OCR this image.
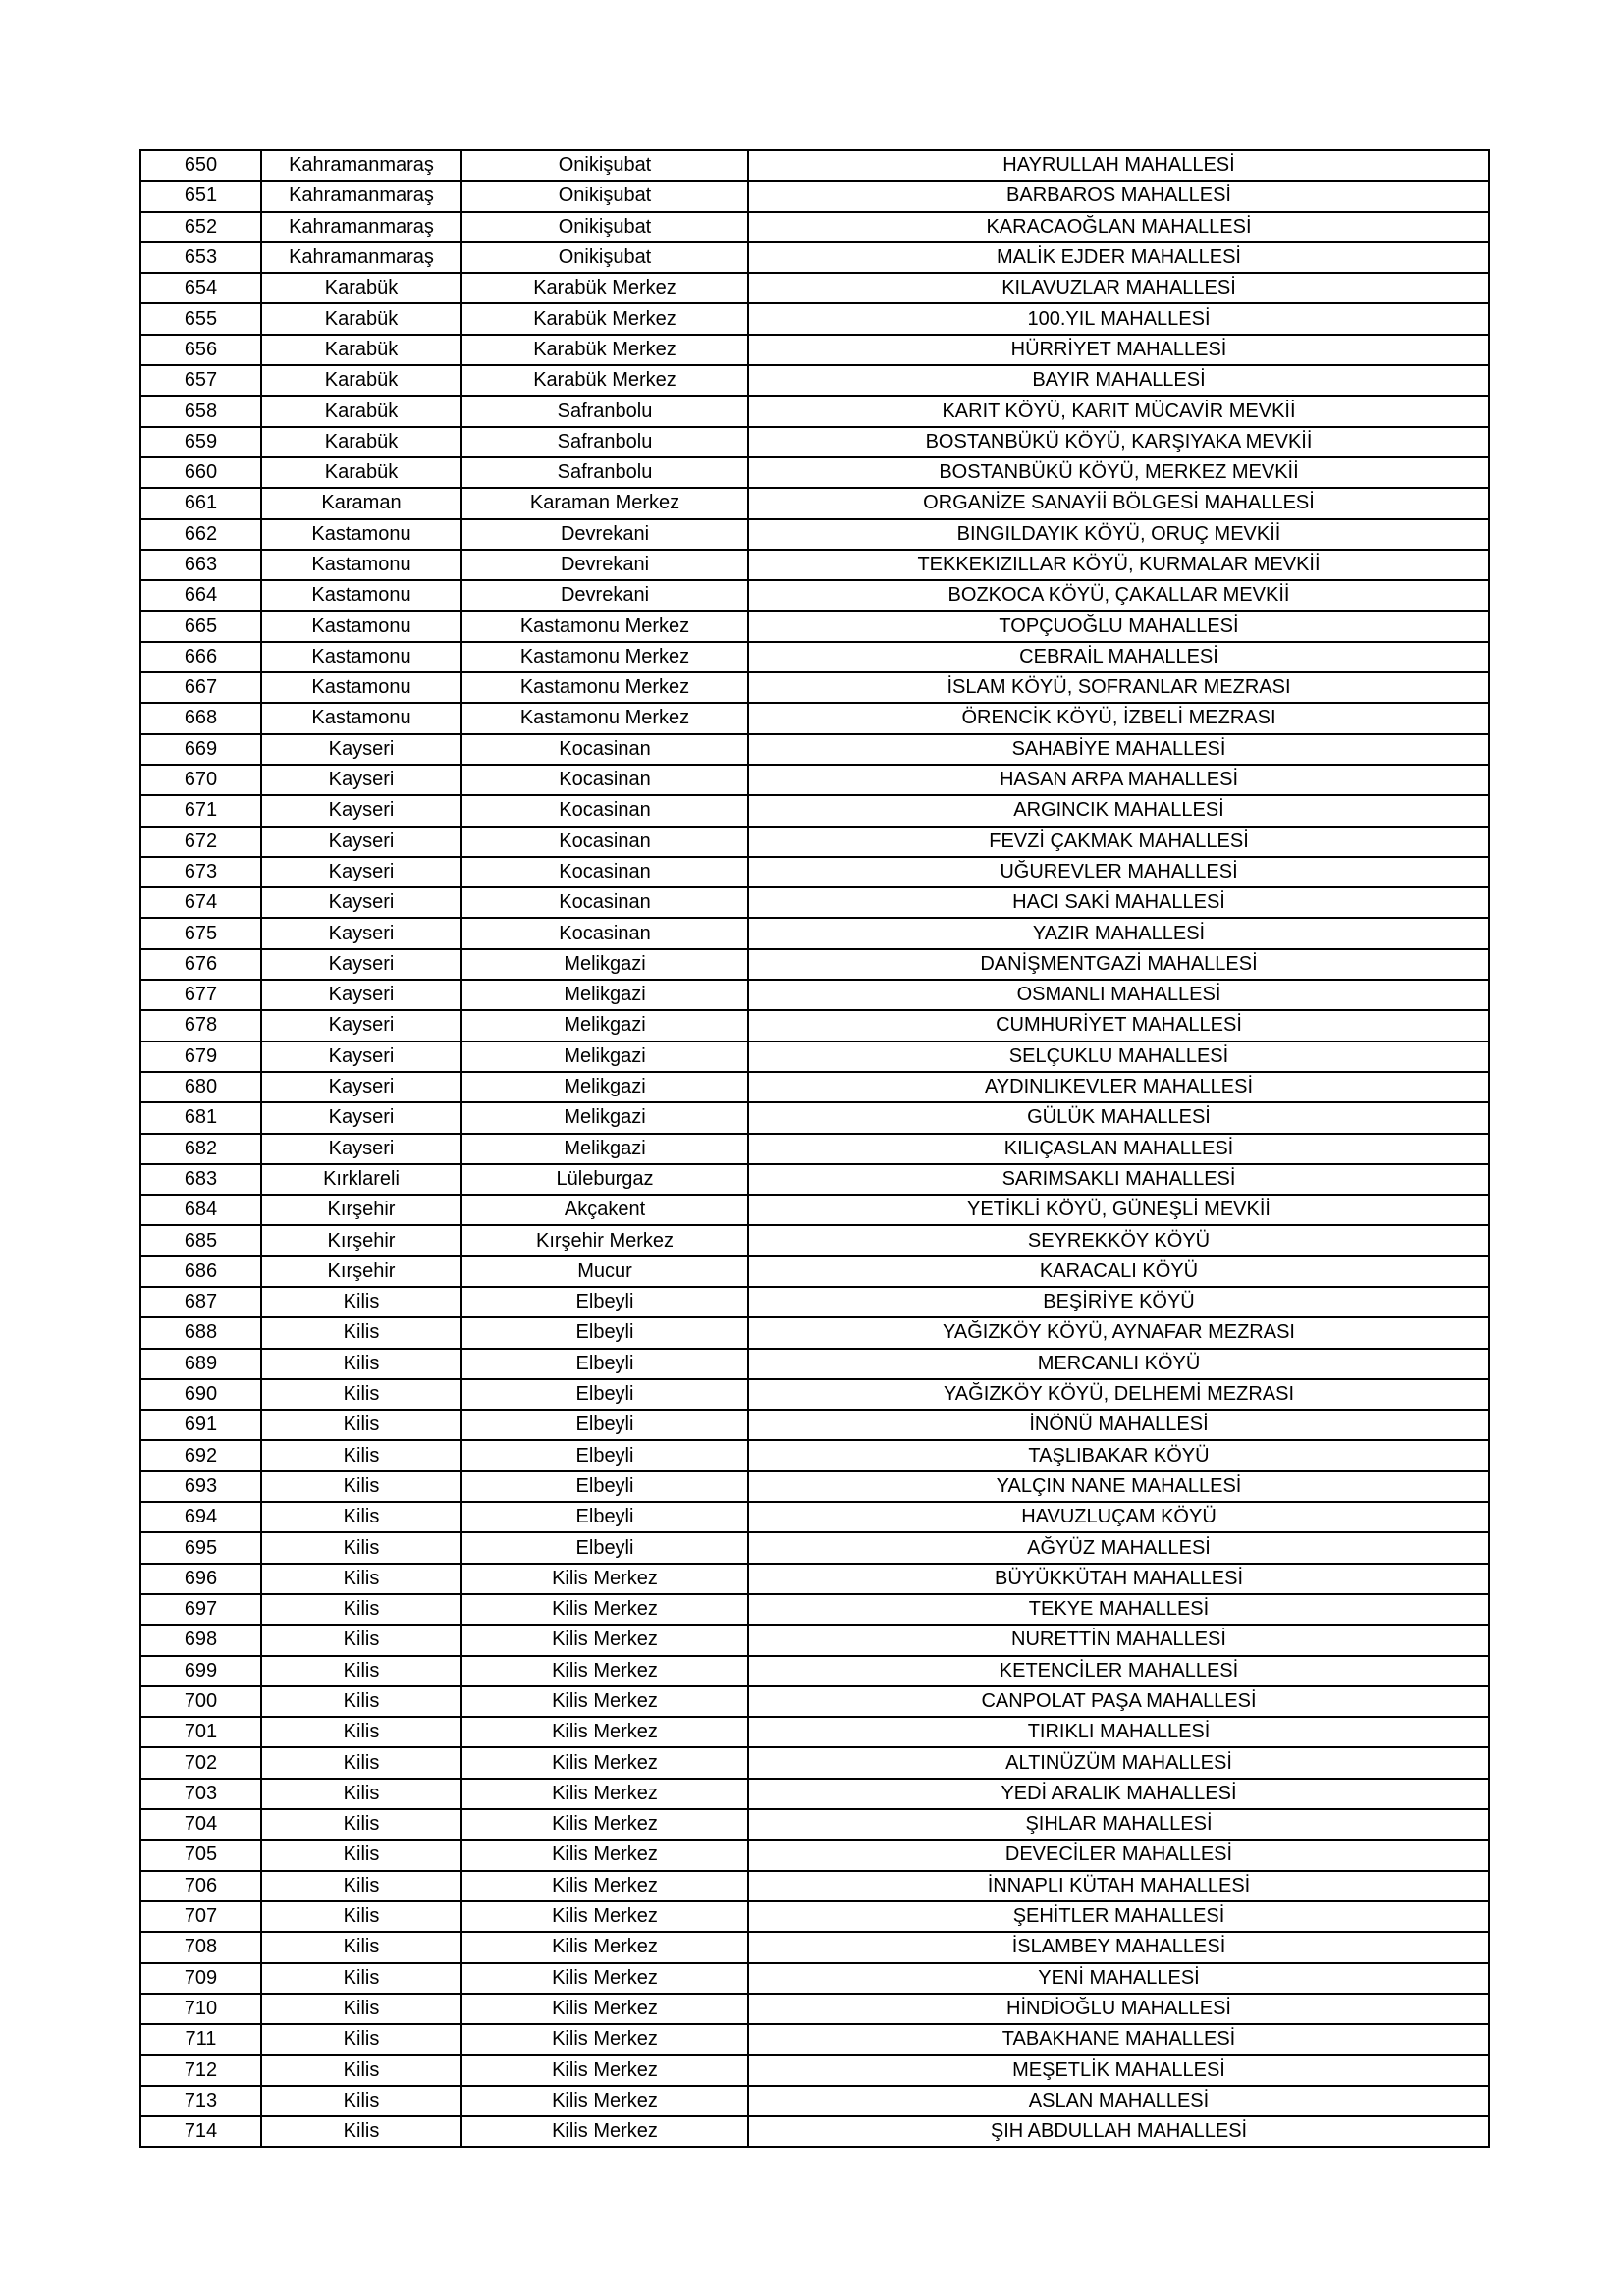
650	Kahramanmaraş	Onikişubat	HAYRULLAH MAHALLESİ
651	Kahramanmaraş	Onikişubat	BARBAROS MAHALLESİ
652	Kahramanmaraş	Onikişubat	KARACAOĞLAN MAHALLESİ
653	Kahramanmaraş	Onikişubat	MALİK EJDER MAHALLESİ
654	Karabük	Karabük Merkez	KILAVUZLAR MAHALLESİ
655	Karabük	Karabük Merkez	100.YIL MAHALLESİ
656	Karabük	Karabük Merkez	HÜRRİYET MAHALLESİ
657	Karabük	Karabük Merkez	BAYIR MAHALLESİ
658	Karabük	Safranbolu	KARIT KÖYÜ, KARIT MÜCAVİR MEVKİİ
659	Karabük	Safranbolu	BOSTANBÜKÜ KÖYÜ, KARŞIYAKA MEVKİİ
660	Karabük	Safranbolu	BOSTANBÜKÜ KÖYÜ, MERKEZ MEVKİİ
661	Karaman	Karaman Merkez	ORGANİZE SANAYİİ BÖLGESİ MAHALLESİ
662	Kastamonu	Devrekani	BINGILDAYIK KÖYÜ, ORUÇ MEVKİİ
663	Kastamonu	Devrekani	TEKKEKIZILLAR KÖYÜ, KURMALAR MEVKİİ
664	Kastamonu	Devrekani	BOZKOCA KÖYÜ, ÇAKALLAR MEVKİİ
665	Kastamonu	Kastamonu Merkez	TOPÇUOĞLU MAHALLESİ
666	Kastamonu	Kastamonu Merkez	CEBRAİL MAHALLESİ
667	Kastamonu	Kastamonu Merkez	İSLAM KÖYÜ, SOFRANLAR MEZRASI
668	Kastamonu	Kastamonu Merkez	ÖRENCİK KÖYÜ, İZBELİ MEZRASI
669	Kayseri	Kocasinan	SAHABİYE MAHALLESİ
670	Kayseri	Kocasinan	HASAN ARPA MAHALLESİ
671	Kayseri	Kocasinan	ARGINCIK MAHALLESİ
672	Kayseri	Kocasinan	FEVZİ ÇAKMAK MAHALLESİ
673	Kayseri	Kocasinan	UĞUREVLER MAHALLESİ
674	Kayseri	Kocasinan	HACI SAKİ MAHALLESİ
675	Kayseri	Kocasinan	YAZIR MAHALLESİ
676	Kayseri	Melikgazi	DANİŞMENTGAZİ MAHALLESİ
677	Kayseri	Melikgazi	OSMANLI MAHALLESİ
678	Kayseri	Melikgazi	CUMHURİYET MAHALLESİ
679	Kayseri	Melikgazi	SELÇUKLU MAHALLESİ
680	Kayseri	Melikgazi	AYDINLIKEVLER MAHALLESİ
681	Kayseri	Melikgazi	GÜLÜK MAHALLESİ
682	Kayseri	Melikgazi	KILIÇASLAN MAHALLESİ
683	Kırklareli	Lüleburgaz	SARIMSAKLI MAHALLESİ
684	Kırşehir	Akçakent	YETİKLİ KÖYÜ, GÜNEŞLİ MEVKİİ
685	Kırşehir	Kırşehir Merkez	SEYREKKÖY KÖYÜ
686	Kırşehir	Mucur	KARACALI KÖYÜ
687	Kilis	Elbeyli	BEŞİRİYE KÖYÜ
688	Kilis	Elbeyli	YAĞIZKÖY KÖYÜ, AYNAFAR MEZRASI
689	Kilis	Elbeyli	MERCANLI KÖYÜ
690	Kilis	Elbeyli	YAĞIZKÖY KÖYÜ, DELHEMİ MEZRASI
691	Kilis	Elbeyli	İNÖNÜ MAHALLESİ
692	Kilis	Elbeyli	TAŞLIBAKAR KÖYÜ
693	Kilis	Elbeyli	YALÇIN NANE MAHALLESİ
694	Kilis	Elbeyli	HAVUZLUÇAM KÖYÜ
695	Kilis	Elbeyli	AĞYÜZ MAHALLESİ
696	Kilis	Kilis Merkez	BÜYÜKKÜTAH MAHALLESİ
697	Kilis	Kilis Merkez	TEKYE MAHALLESİ
698	Kilis	Kilis Merkez	NURETTİN MAHALLESİ
699	Kilis	Kilis Merkez	KETENCİLER MAHALLESİ
700	Kilis	Kilis Merkez	CANPOLAT PAŞA MAHALLESİ
701	Kilis	Kilis Merkez	TIRIKLI MAHALLESİ
702	Kilis	Kilis Merkez	ALTINÜZÜM MAHALLESİ
703	Kilis	Kilis Merkez	YEDİ ARALIK MAHALLESİ
704	Kilis	Kilis Merkez	ŞIHLAR MAHALLESİ
705	Kilis	Kilis Merkez	DEVECİLER MAHALLESİ
706	Kilis	Kilis Merkez	İNNAPLI KÜTAH MAHALLESİ
707	Kilis	Kilis Merkez	ŞEHİTLER MAHALLESİ
708	Kilis	Kilis Merkez	İSLAMBEY MAHALLESİ
709	Kilis	Kilis Merkez	YENİ MAHALLESİ
710	Kilis	Kilis Merkez	HİNDİOĞLU MAHALLESİ
711	Kilis	Kilis Merkez	TABAKHANE MAHALLESİ
712	Kilis	Kilis Merkez	MEŞETLİK MAHALLESİ
713	Kilis	Kilis Merkez	ASLAN MAHALLESİ
714	Kilis	Kilis Merkez	ŞIH ABDULLAH MAHALLESİ
